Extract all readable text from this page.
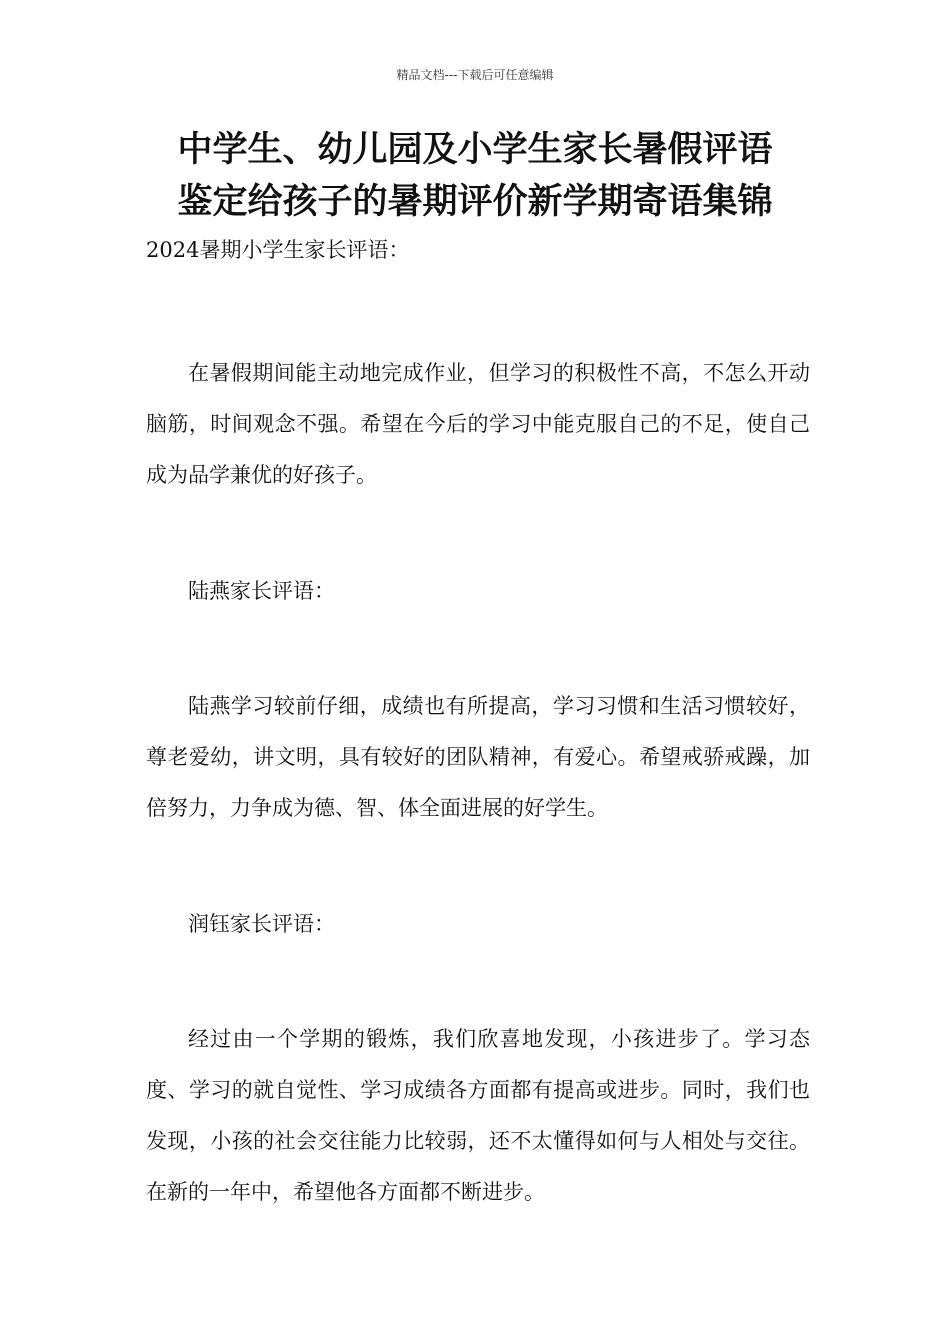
精品文档---下载后可任意编辑
中学生、幼儿园及小学生家长暑假评语
鉴定给孩子的暑期评价新学期寄语集锦

2024暑期小学生家长评语：

在暑假期间能主动地完成作业，但学习的积极性不高，不怎么开动脑筋，时间观念不强。希望在今后的学习中能克服自己的不足，使自己成为品学兼优的好孩子。

陆燕家长评语：

陆燕学习较前仔细，成绩也有所提高，学习习惯和生活习惯较好，尊老爱幼，讲文明，具有较好的团队精神，有爱心。希望戒骄戒躁，加倍努力，力争成为德、智、体全面进展的好学生。

润钰家长评语：

经过由一个学期的锻炼，我们欣喜地发现，小孩进步了。学习态度、学习的就自觉性、学习成绩各方面都有提高或进步。同时，我们也发现，小孩的社会交往能力比较弱，还不太懂得如何与人相处与交往。在新的一年中，希望他各方面都不断进步。
